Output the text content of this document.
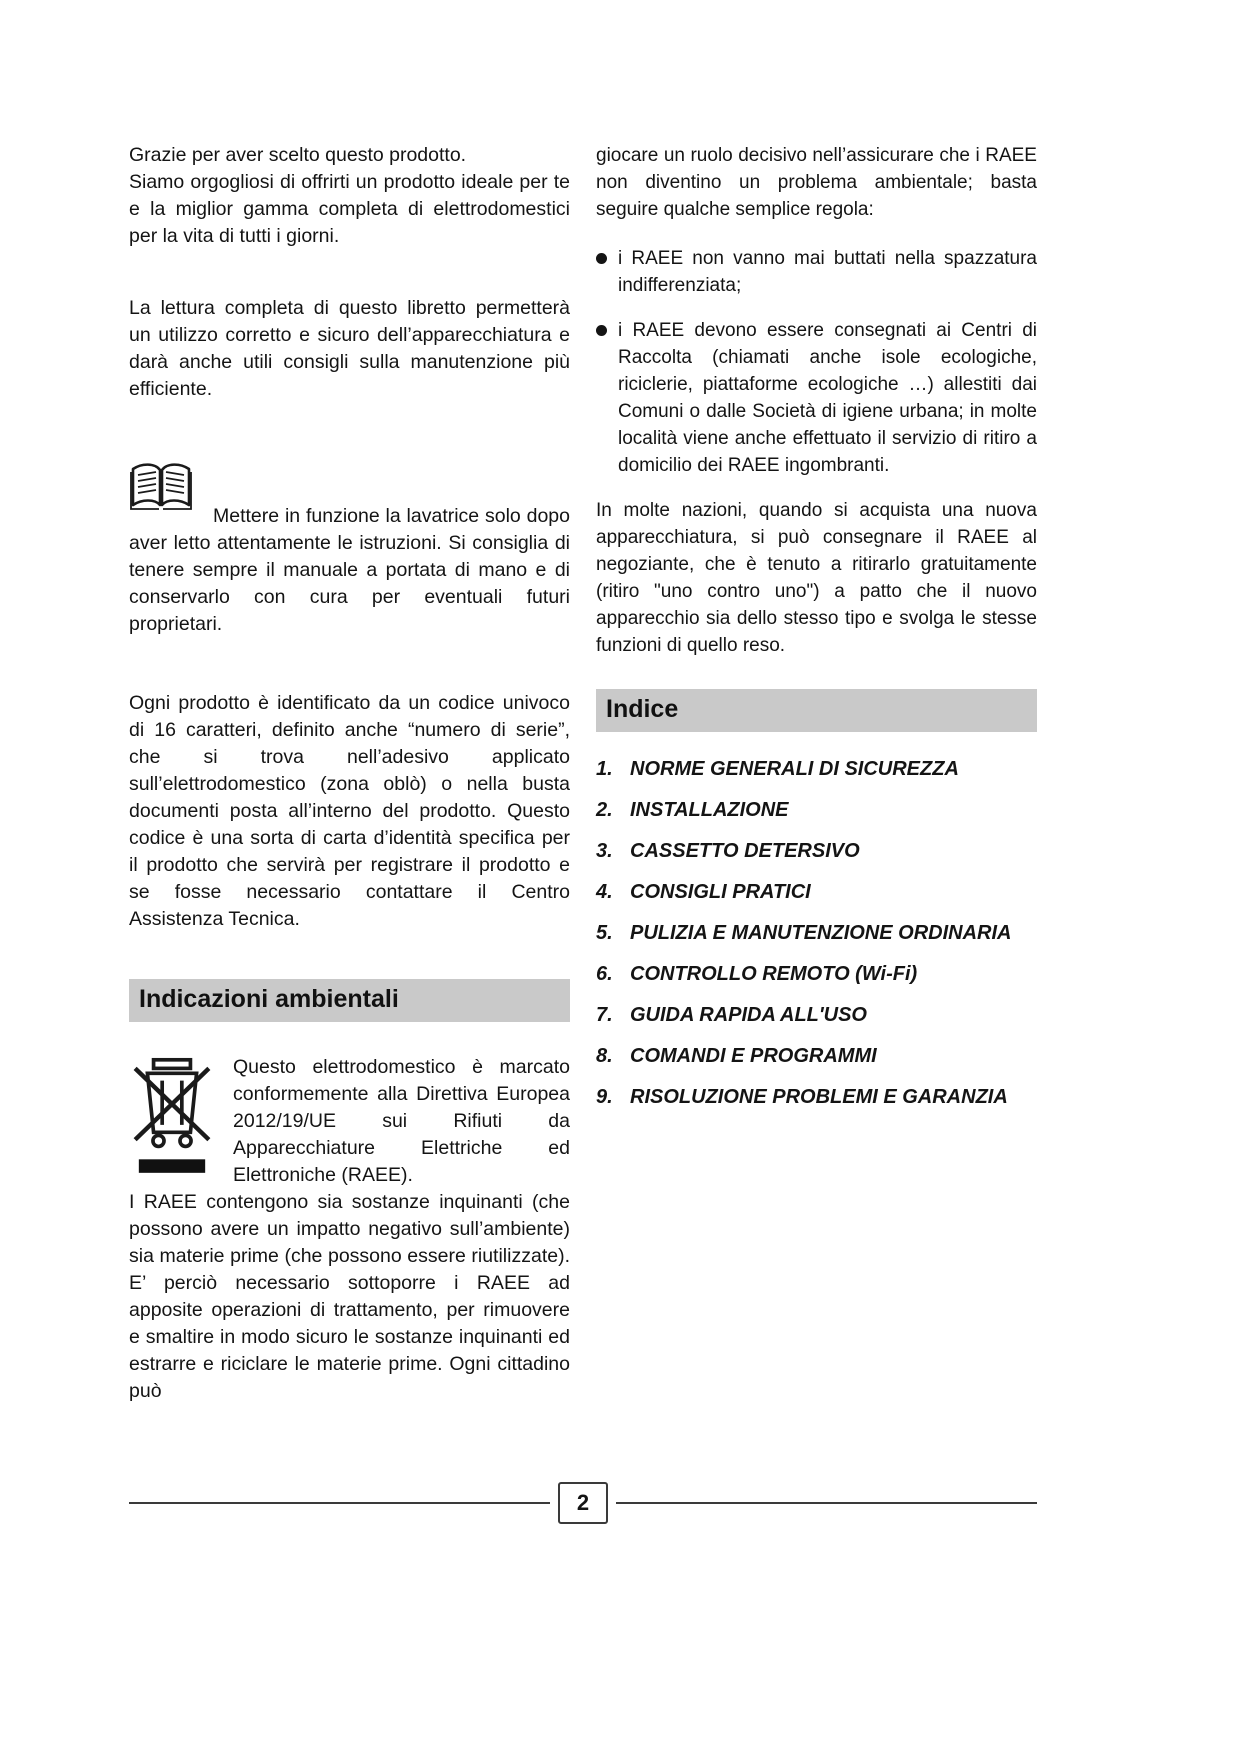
Grazie per aver scelto questo prodotto.
Siamo orgogliosi di offrirti un prodotto ideale per te e la miglior gamma completa di elettrodomestici per la vita di tutti i giorni.

La lettura completa di questo libretto permetterà un utilizzo corretto e sicuro dell’apparecchiatura e darà anche utili consigli sulla manutenzione più efficiente.

Mettere in funzione la lavatrice solo dopo aver letto attentamente le istruzioni. Si consiglia di tenere sempre il manuale a portata di mano e di conservarlo con cura per eventuali futuri proprietari.

Ogni prodotto è identificato da un codice univoco di 16 caratteri, definito anche “numero di serie”, che si trova nell’adesivo applicato sull’elettrodomestico (zona oblò) o nella busta documenti posta all’interno del prodotto. Questo codice è una sorta di carta d’identità specifica per il prodotto che servirà per registrare il prodotto e se fosse necessario contattare il Centro Assistenza Tecnica.

Indicazioni ambientali

Questo elettrodomestico è marcato conformemente alla Direttiva Europea 2012/19/UE sui Rifiuti da Apparecchiature Elettriche ed Elettroniche (RAEE).

I RAEE contengono sia sostanze inquinanti (che possono avere un impatto negativo sull’ambiente) sia materie prime (che possono essere riutilizzate). E’ perciò necessario sottoporre i RAEE ad apposite operazioni di trattamento, per rimuovere e smaltire in modo sicuro le sostanze inquinanti ed estrarre e riciclare le materie prime. Ogni cittadino può

giocare un ruolo decisivo nell’assicurare che i RAEE non diventino un problema ambientale; basta seguire qualche semplice regola:

i RAEE non vanno mai buttati nella spazzatura indifferenziata;
i RAEE devono essere consegnati ai Centri di Raccolta (chiamati anche isole ecologiche, riciclerie, piattaforme ecologiche …) allestiti dai Comuni o dalle Società di igiene urbana; in molte località viene anche effettuato il servizio di ritiro a domicilio dei RAEE ingombranti.

In molte nazioni, quando si acquista una nuova apparecchiatura, si può consegnare il RAEE al negoziante, che è tenuto a ritirarlo gratuitamente (ritiro "uno contro uno") a patto che il nuovo apparecchio sia dello stesso tipo e svolga le stesse funzioni di quello reso.

Indice
1. NORME GENERALI DI SICUREZZA
2. INSTALLAZIONE
3. CASSETTO DETERSIVO
4. CONSIGLI PRATICI
5. PULIZIA E MANUTENZIONE ORDINARIA
6. CONTROLLO REMOTO (Wi-Fi)
7. GUIDA RAPIDA ALL'USO
8. COMANDI E PROGRAMMI
9. RISOLUZIONE PROBLEMI E GARANZIA
2
